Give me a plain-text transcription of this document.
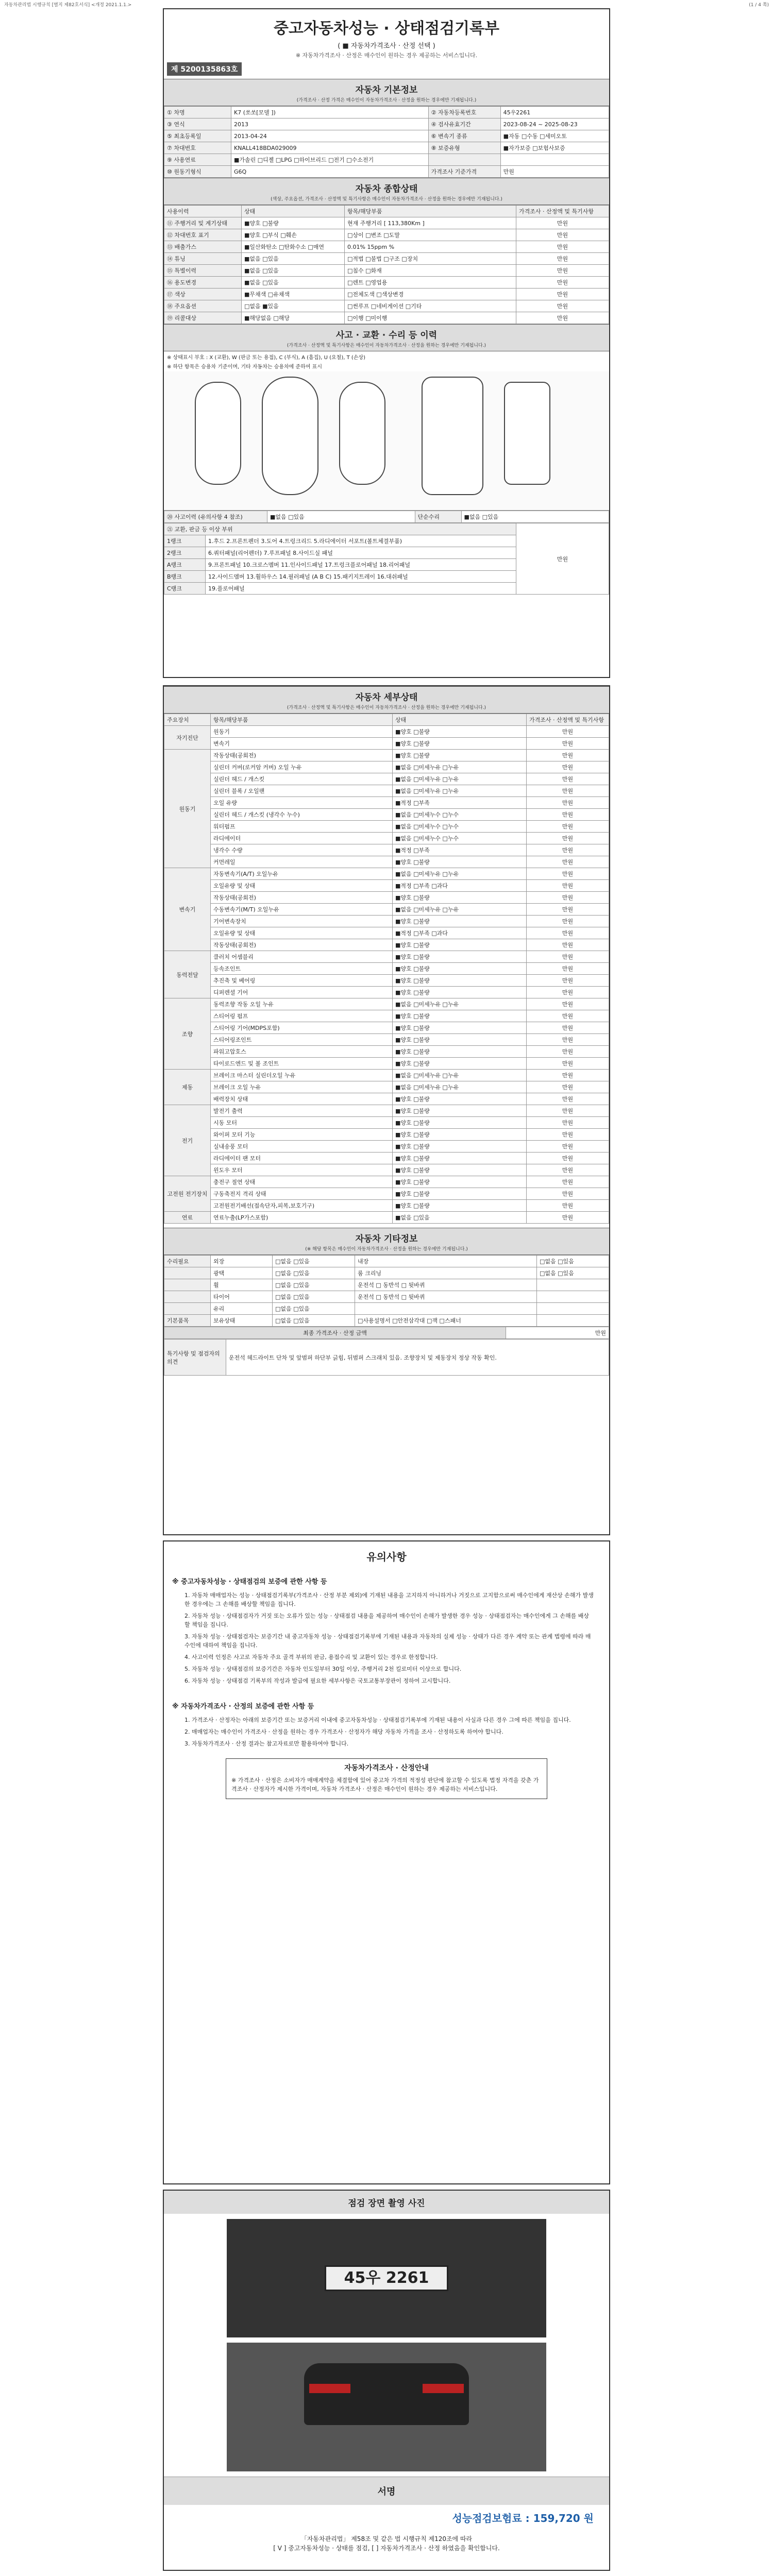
자동차관리법 시행규칙 [별지 제82호서식] <개정 2021.1.1.>	(1 / 4 쪽)
중고자동차성능 · 상태점검기록부
( ■ 자동차가격조사 · 산정 선택 )
※ 자동차가격조사 · 산정은 매수인이 원하는 경우 제공하는 서비스입니다.
제 5200135863호
자동차 기본정보
(가격조사 · 산정 가격은 매수인이 자동차가격조사 · 산정을 원하는 경우에만 기재됩니다.)
① 차명	K7 (쏘쏘[모델 ])	② 자동차등록번호	45우2261
③ 연식	2013	④ 검사유효기간	2023-08-24 ~ 2025-08-23
⑤ 최초등록일	2013-04-24	⑥ 변속기 종류	■자동 □수동 □세미오토
⑦ 차대번호	KNALL418BDA029009	⑧ 보증유형	■자가보증 □보험사보증
⑨ 사용연료	■가솔린 □디젤 □LPG □하이브리드 □전기 □수소전기		
⑩ 원동기형식	G6Q	가격조사 기준가격	만원
자동차 종합상태
(색상, 주요옵션, 가격조사 · 산정액 및 특기사항은 매수인이 자동차가격조사 · 산정을 원하는 경우에만 기재됩니다.)
사용이력	상태	항목/해당부품	가격조사 · 산정액 및 특기사항
⑪ 주행거리 및 계기상태	■양호 □불량	현재 주행거리 [ 113,380Km ]	만원
⑫ 차대번호 표기	■양호 □부식 □훼손	□상이 □변조 □도말	만원
⑬ 배출가스	■일산화탄소 □탄화수소 □매연	0.01% 15ppm %	만원
⑭ 튜닝	■없음 □있음	□적법 □불법 □구조 □장치	만원
⑮ 특별이력	■없음 □있음	□침수 □화재	만원
⑯ 용도변경	■없음 □있음	□렌트 □영업용	만원
⑰ 색상	■무채색 □유채색	□전체도색 □색상변경	만원
⑱ 주요옵션	□없음 ■있음	□썬루프 □네비게이션 □기타	만원
⑲ 리콜대상	■해당없음 □해당	□이행 □미이행	만원
사고 · 교환 · 수리 등 이력
(가격조사 · 산정액 및 특기사항은 매수인이 자동차가격조사 · 산정을 원하는 경우에만 기재됩니다.)
※ 상태표시 부호 : X (교환), W (판금 또는 용접), C (부식), A (흠집), U (요철), T (손상)
※ 하단 항목은 승용차 기준이며, 기타 자동차는 승용차에 준하여 표시
⑳ 사고이력 (유의사항 4 참조)	■없음 □있음	단순수리	■없음 □있음
㉑ 교환, 판금 등 이상 부위		만원
1랭크	1.후드 2.프론트펜더 3.도어 4.트렁크리드 5.라디에이터 서포트(볼트체결부품)	
2랭크	6.쿼터패널(리어펜더) 7.루프패널 8.사이드실 패널	
A랭크	9.프론트패널 10.크로스멤버 11.인사이드패널 17.트렁크플로어패널 18.리어패널	
B랭크	12.사이드멤버 13.휠하우스 14.필러패널 (A B C) 15.패키지트레이 16.대쉬패널	
C랭크	19.플로어패널	
자동차 세부상태
(가격조사 · 산정액 및 특기사항은 매수인이 자동차가격조사 · 산정을 원하는 경우에만 기재됩니다.)
주요장치	항목/해당부품	상태	가격조사 · 산정액 및 특기사항
자기진단	원동기	■양호 □불량	만원
	변속기	■양호 □불량	만원
원동기	작동상태(공회전)	■양호 □불량	만원
	실린더 커버(로커암 커버) 오일 누유	■없음 □미세누유 □누유	만원
	실린더 헤드 / 개스킷	■없음 □미세누유 □누유	만원
	실린더 블록 / 오일팬	■없음 □미세누유 □누유	만원
	오일 유량	■적정 □부족	만원
	실린더 헤드 / 개스킷 (냉각수 누수)	■없음 □미세누수 □누수	만원
	워터펌프	■없음 □미세누수 □누수	만원
	라디에이터	■없음 □미세누수 □누수	만원
	냉각수 수량	■적정 □부족	만원
	커먼레일	■양호 □불량	만원
변속기	자동변속기(A/T) 오일누유	■없음 □미세누유 □누유	만원
	오일유량 및 상태	■적정 □부족 □과다	만원
	작동상태(공회전)	■양호 □불량	만원
	수동변속기(M/T) 오일누유	■없음 □미세누유 □누유	만원
	기어변속장치	■양호 □불량	만원
	오일유량 및 상태	■적정 □부족 □과다	만원
	작동상태(공회전)	■양호 □불량	만원
동력전달	클러치 어셈블리	■양호 □불량	만원
	등속조인트	■양호 □불량	만원
	추진축 및 베어링	■양호 □불량	만원
	디퍼렌셜 기어	■양호 □불량	만원
조향	동력조향 작동 오일 누유	■없음 □미세누유 □누유	만원
	스티어링 펌프	■양호 □불량	만원
	스티어링 기어(MDPS포함)	■양호 □불량	만원
	스티어링조인트	■양호 □불량	만원
	파워고압호스	■양호 □불량	만원
	타이로드엔드 및 볼 조인트	■양호 □불량	만원
제동	브레이크 마스터 실린더오일 누유	■없음 □미세누유 □누유	만원
	브레이크 오일 누유	■없음 □미세누유 □누유	만원
	배력장치 상태	■양호 □불량	만원
전기	발전기 출력	■양호 □불량	만원
	시동 모터	■양호 □불량	만원
	와이퍼 모터 기능	■양호 □불량	만원
	실내송풍 모터	■양호 □불량	만원
	라디에이터 팬 모터	■양호 □불량	만원
	윈도우 모터	■양호 □불량	만원
고전원 전기장치	충전구 절연 상태	■양호 □불량	만원
	구동축전지 격리 상태	■양호 □불량	만원
	고전원전기배선(접속단자,피복,보호기구)	■양호 □불량	만원
연료	연료누출(LP가스포함)	■없음 □있음	만원
자동차 기타정보
(※ 해당 항목은 매수인이 자동차가격조사 · 산정을 원하는 경우에만 기재됩니다.)
수리필요	외장	□없음 □있음	내장	□없음 □있음
	광택	□없음 □있음	룸 크리닝	□없음 □있음
	휠	□없음 □있음	운전석 □ 동반석 □ 뒷바퀴	
	타이어	□없음 □있음	운전석 □ 동반석 □ 뒷바퀴	
	유리	□없음 □있음		
기본품목	보유상태	□없음 □있음	□사용설명서 □안전삼각대 □잭 □스패너	
최종 가격조사 · 산정 금액	만원
특기사항 및 점검자의 의견	운전석 헤드라이트 단차 및 앞범퍼 하단부 긁힘, 뒤범퍼 스크래치 있음. 조향장치 및 제동장치 정상 작동 확인.
유의사항
※ 중고자동차성능 · 상태점검의 보증에 관한 사항 등
1. 자동차 매매업자는 성능 · 상태점검기록부(가격조사 · 산정 부분 제외)에 기재된 내용을 고지하지 아니하거나 거짓으로 고지함으로써 매수인에게 재산상 손해가 발생한 경우에는 그 손해를 배상할 책임을 집니다.
2. 자동차 성능 · 상태점검자가 거짓 또는 오류가 있는 성능 · 상태점검 내용을 제공하여 매수인이 손해가 발생한 경우 성능 · 상태점검자는 매수인에게 그 손해를 배상할 책임을 집니다.
3. 자동차 성능 · 상태점검자는 보증기간 내 중고자동차 성능 · 상태점검기록부에 기재된 내용과 자동차의 실제 성능 · 상태가 다른 경우 계약 또는 관계 법령에 따라 매수인에 대하여 책임을 집니다.
4. 사고이력 인정은 사고로 자동차 주요 골격 부위의 판금, 용접수리 및 교환이 있는 경우로 한정합니다.
5. 자동차 성능 · 상태점검의 보증기간은 자동차 인도일부터 30일 이상, 주행거리 2천 킬로미터 이상으로 합니다.
6. 자동차 성능 · 상태점검 기록부의 작성과 발급에 필요한 세부사항은 국토교통부장관이 정하여 고시합니다.
※ 자동차가격조사 · 산정의 보증에 관한 사항 등
1. 가격조사 · 산정자는 아래의 보증기간 또는 보증거리 이내에 중고자동차성능 · 상태점검기록부에 기재된 내용이 사실과 다른 경우 그에 따른 책임을 집니다.
2. 매매업자는 매수인이 가격조사 · 산정을 원하는 경우 가격조사 · 산정자가 해당 자동차 가격을 조사 · 산정하도록 하여야 합니다.
3. 자동차가격조사 · 산정 결과는 참고자료로만 활용하여야 합니다.
자동차가격조사 · 산정안내
※ 가격조사 · 산정은 소비자가 매매계약을 체결함에 있어 중고차 가격의 적정성 판단에 참고할 수 있도록 법정 자격을 갖춘 가격조사 · 산정자가 제시한 가격이며, 자동차 가격조사 · 산정은 매수인이 원하는 경우 제공하는 서비스입니다.
점검 장면 촬영 사진
45우 2261
서명
성능점검보험료 : 159,720 원
「자동차관리법」 제58조 및 같은 법 시행규칙 제120조에 따라
[ V ] 중고자동차성능 · 상태를 점검, [ ] 자동차가격조사 · 산정 하였음을 확인합니다.
